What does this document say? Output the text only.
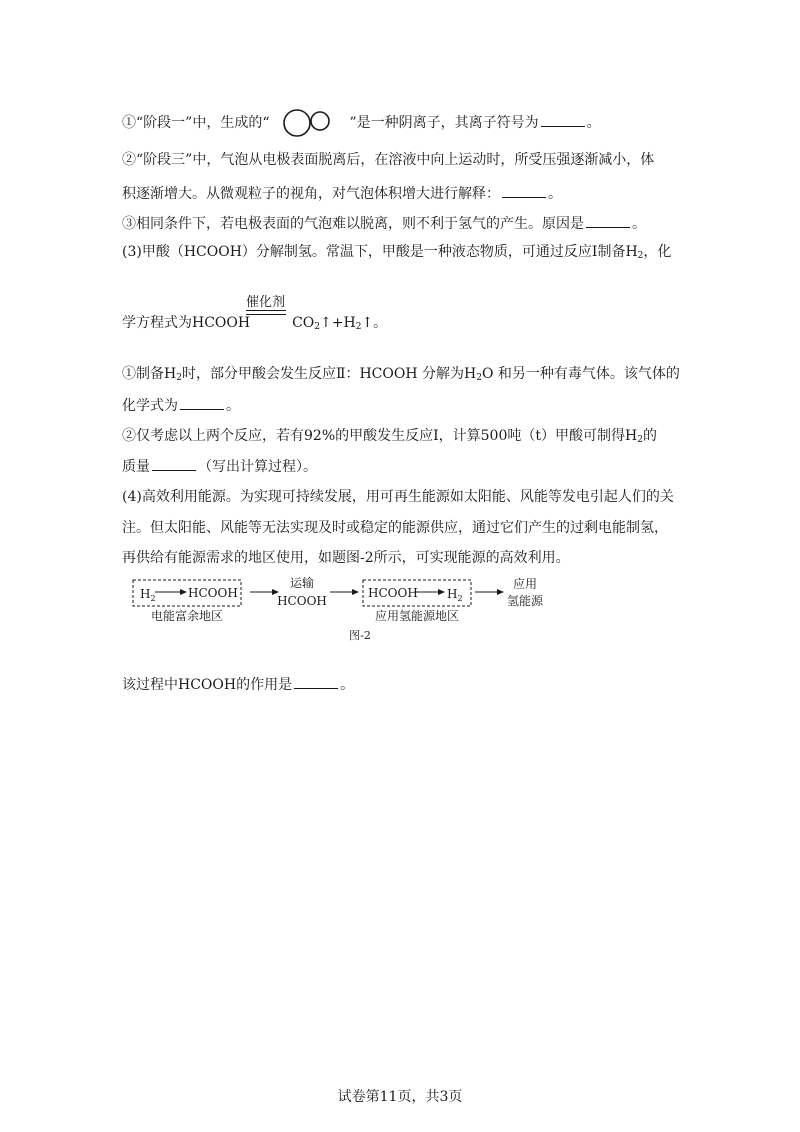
①“阶段一”中，生成的“	”是一种阴离子，其离子符号为	。
②“阶段三”中，气泡从电极表面脱离后，在溶液中向上运动时，所受压强逐渐减小，体
积逐渐增大。从微观粒子的视角，对气泡体积增大进行解释：	。
③相同条件下，若电极表面的气泡难以脱离，则不利于氢气的产生。原因是	。
(3)甲酸（HCOOH）分解制氢。常温下，甲酸是一种液态物质，可通过反应Ⅰ制备$H_2$，化
催化剂
学方程式为HCOOH	$CO_2↑+H_2↑$。
①制备$H_2$时，部分甲酸会发生反应Ⅱ：HCOOH 分解为$H_2O$ 和另一种有毒气体。该气体的
化学式为	。
②仅考虑以上两个反应，若有92%的甲酸发生反应Ⅰ，计算500吨（t）甲酸可制得$H_2$的
质量	（写出计算过程）。
(4)高效利用能源。为实现可持续发展，用可再生能源如太阳能、风能等发电引起人们的关
注。但太阳能、风能等无法实现及时或稳定的能源供应，通过它们产生的过剩电能制氢，
再供给有能源需求的地区使用，如题图-2所示，可实现能源的高效利用。
$H_2$	HCOOH
电能富余地区
运输
HCOOH
HCOOH $H_2$
应用氢能源地区
应用
氢能源
图-2
该过程中HCOOH的作用是	。
试卷第11页，共3页
